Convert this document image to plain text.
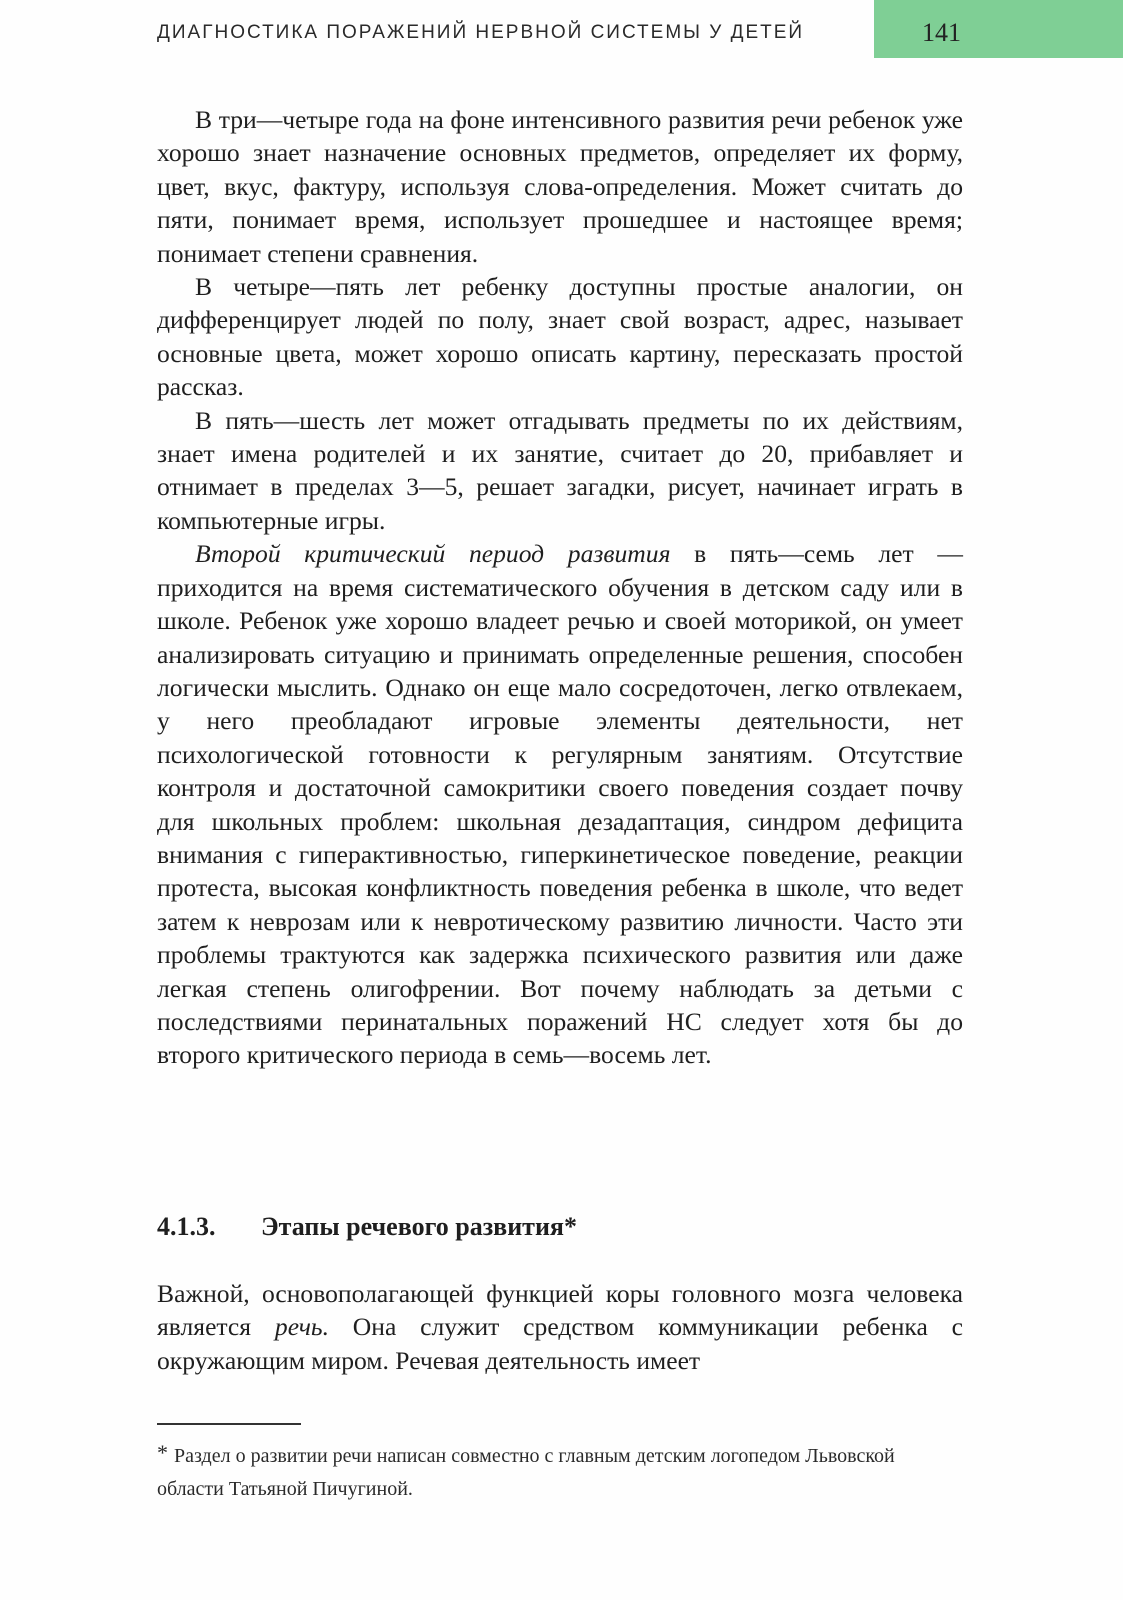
ДИАГНОСТИКА ПОРАЖЕНИЙ НЕРВНОЙ СИСТЕМЫ У ДЕТЕЙ	141

В три—четыре года на фоне интенсивного развития речи ребенок уже хорошо знает назначение основных предметов, определяет их форму, цвет, вкус, фактуру, используя слова-определения. Может считать до пяти, понимает время, использует прошедшее и настоящее время; понимает степени сравнения.

В четыре—пять лет ребенку доступны простые аналогии, он дифференцирует людей по полу, знает свой возраст, адрес, называет основные цвета, может хорошо описать картину, пересказать простой рассказ.

В пять—шесть лет может отгадывать предметы по их действиям, знает имена родителей и их занятие, считает до 20, прибавляет и отнимает в пределах 3—5, решает загадки, рисует, начинает играть в компьютерные игры.

Второй критический период развития в пять—семь лет — приходится на время систематического обучения в детском саду или в школе. Ребенок уже хорошо владеет речью и своей моторикой, он умеет анализировать ситуацию и принимать определенные решения, способен логически мыслить. Однако он еще мало сосредоточен, легко отвлекаем, у него преобладают игровые элементы деятельности, нет психологической готовности к регулярным занятиям. Отсутствие контроля и достаточной самокритики своего поведения создает почву для школьных проблем: школьная дезадаптация, синдром дефицита внимания с гиперактивностью, гиперкинетическое поведение, реакции протеста, высокая конфликтность поведения ребенка в школе, что ведет затем к неврозам или к невротическому развитию личности. Часто эти проблемы трактуются как задержка психического развития или даже легкая степень олигофрении. Вот почему наблюдать за детьми с последствиями перинатальных поражений НС следует хотя бы до второго критического периода в семь—восемь лет.

4.1.3. Этапы речевого развития*

Важной, основополагающей функцией коры головного мозга человека является речь. Она служит средством коммуникации ребенка с окружающим миром. Речевая деятельность имеет

* Раздел о развитии речи написан совместно с главным детским логопедом Львовской области Татьяной Пичугиной.
